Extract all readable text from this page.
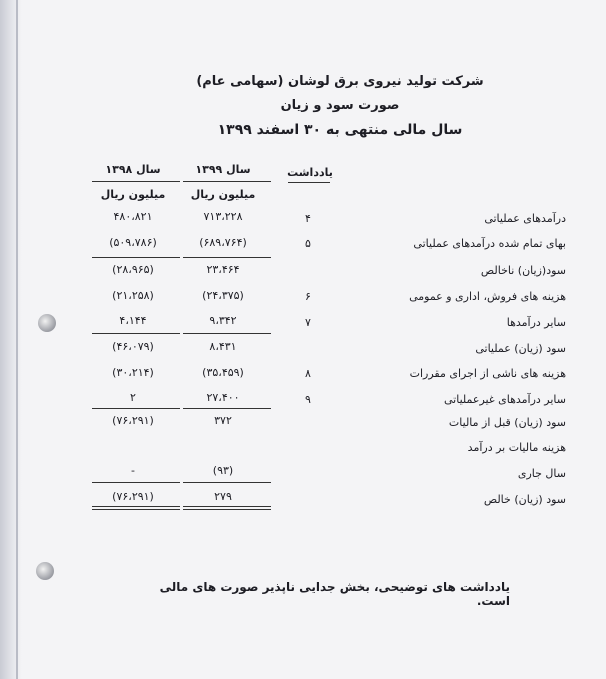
شرکت تولید نیروی برق لوشان (سهامی عام)
صورت سود و زیان
سال مالی منتهی به ۳۰ اسفند ۱۳۹۹
یادداشت
سال ۱۳۹۹
سال ۱۳۹۸
میلیون ریال
میلیون ریال
درآمدهای عملیاتی
۴
۷۱۳،۲۲۸
۴۸۰،۸۲۱
بهای تمام شده درآمدهای عملیاتی
۵
(۶۸۹،۷۶۴)
(۵۰۹،۷۸۶)
سود(زیان) ناخالص
۲۳،۴۶۴
(۲۸،۹۶۵)
هزینه های فروش، اداری و عمومی
۶
(۲۴،۳۷۵)
(۲۱،۲۵۸)
سایر درآمدها
۷
۹،۳۴۲
۴،۱۴۴
سود (زیان) عملیاتی
۸،۴۳۱
(۴۶،۰۷۹)
هزینه های ناشی از اجرای مقررات
۸
(۳۵،۴۵۹)
(۳۰،۲۱۴)
سایر درآمدهای غیرعملیاتی
۹
۲۷،۴۰۰
۲
سود (زیان) قبل از مالیات
۳۷۲
(۷۶،۲۹۱)
هزینه مالیات بر درآمد
سال جاری
(۹۳)
-
سود (زیان) خالص
۲۷۹
(۷۶،۲۹۱)
یادداشت های توضیحی، بخش جدایی ناپذیر صورت های مالی است.
